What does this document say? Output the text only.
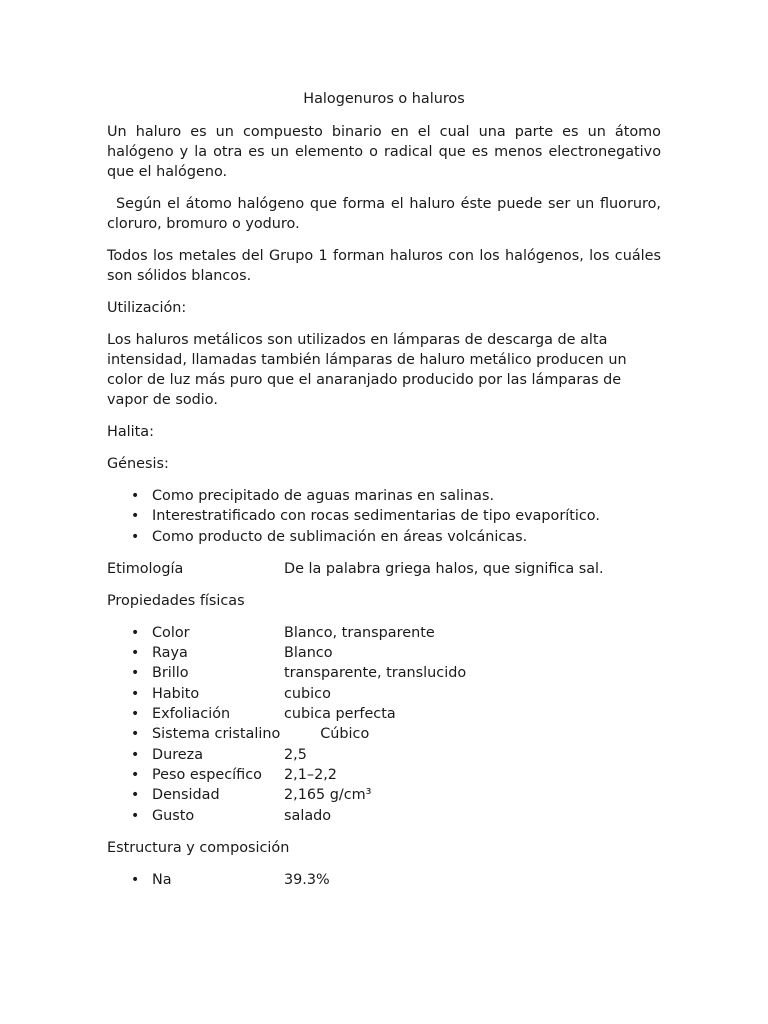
Halogenuros o haluros

Un haluro es un compuesto binario en el cual una parte es un átomo halógeno y la otra es un elemento o radical que es menos electronegativo que el halógeno.

Según el átomo halógeno que forma el haluro éste puede ser un fluoruro, cloruro, bromuro o yoduro.

Todos los metales del Grupo 1 forman haluros con los halógenos, los cuáles son sólidos blancos.

Utilización:

Los haluros metálicos son utilizados en lámparas de descarga de alta intensidad, llamadas también lámparas de haluro metálico producen un color de luz más puro que el anaranjado producido por las lámparas de vapor de sodio.

Halita:

Génesis:

• Como precipitado de aguas marinas en salinas.
• Interestratificado con rocas sedimentarias de tipo evaporítico.
• Como producto de sublimación en áreas volcánicas.
Etimología	De la palabra griega halos, que significa sal.

Propiedades físicas

• Color	Blanco, transparente
• Raya	Blanco
• Brillo	transparente, translucido
• Habito	cubico
• Exfoliación	cubica perfecta
• Sistema cristalino	Cúbico
• Dureza	2,5
• Peso específico 2,1–2,2
• Densidad	2,165 g/cm³
• Gusto	salado

Estructura y composición

• Na	39.3%
